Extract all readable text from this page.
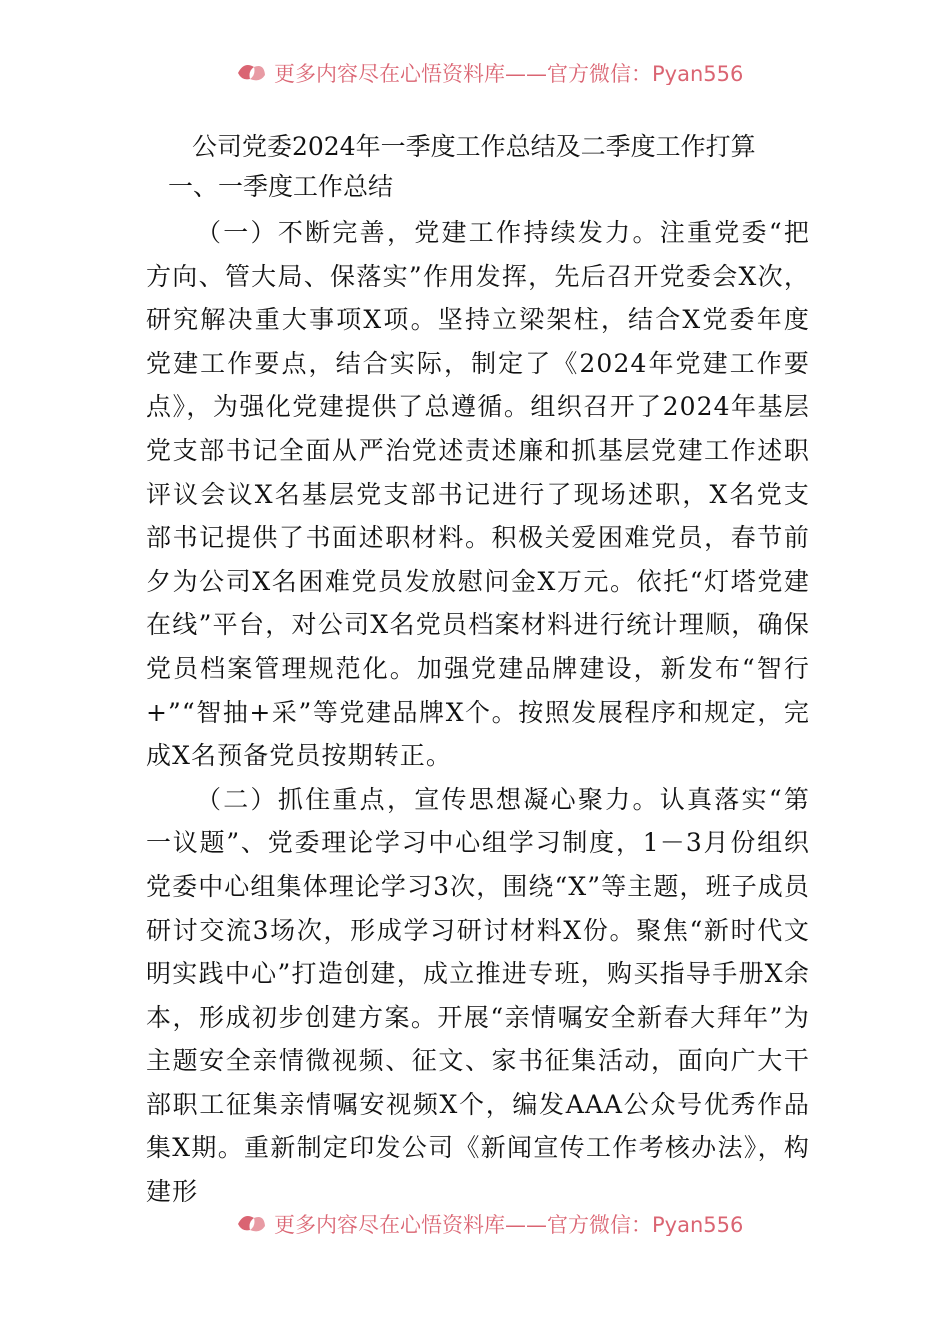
更多内容尽在心悟资料库——官方微信：Pyan556
公司党委2024年一季度工作总结及二季度工作打算
一、一季度工作总结

（一）不断完善，党建工作持续发力。注重党委“把方向、管大局、保落实”作用发挥，先后召开党委会X次，研究解决重大事项X项。坚持立梁架柱，结合X党委年度党建工作要点，结合实际，制定了《2024年党建工作要点》，为强化党建提供了总遵循。组织召开了2024年基层党支部书记全面从严治党述责述廉和抓基层党建工作述职评议会议X名基层党支部书记进行了现场述职，X名党支部书记提供了书面述职材料。积极关爱困难党员，春节前夕为公司X名困难党员发放慰问金X万元。依托“灯塔党建在线”平台，对公司X名党员档案材料进行统计理顺，确保党员档案管理规范化。加强党建品牌建设，新发布“智行+”“智抽+采”等党建品牌X个。按照发展程序和规定，完成X名预备党员按期转正。

（二）抓住重点，宣传思想凝心聚力。认真落实“第一议题”、党委理论学习中心组学习制度，1－3月份组织党委中心组集体理论学习3次，围绕“X”等主题，班子成员研讨交流3场次，形成学习研讨材料X份。聚焦“新时代文明实践中心”打造创建，成立推进专班，购买指导手册X余本，形成初步创建方案。开展“亲情嘱安全新春大拜年”为主题安全亲情微视频、征文、家书征集活动，面向广大干部职工征集亲情嘱安视频X个，编发AAA公众号优秀作品集X期。重新制定印发公司《新闻宣传工作考核办法》，构建形

更多内容尽在心悟资料库——官方微信：Pyan556
